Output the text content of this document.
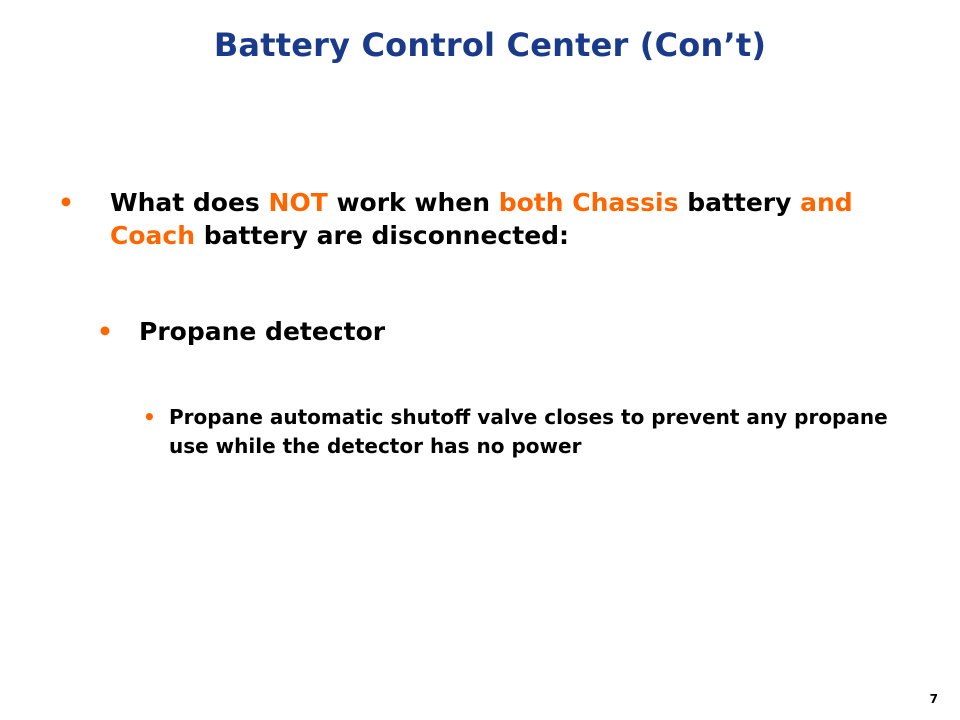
Battery Control Center (Con’t)
•	What does NOT work when both Chassis battery and Coach battery are disconnected:
•	Propane detector
• Propane automatic shutoff valve closes to prevent any propane use while the detector has no power
7
